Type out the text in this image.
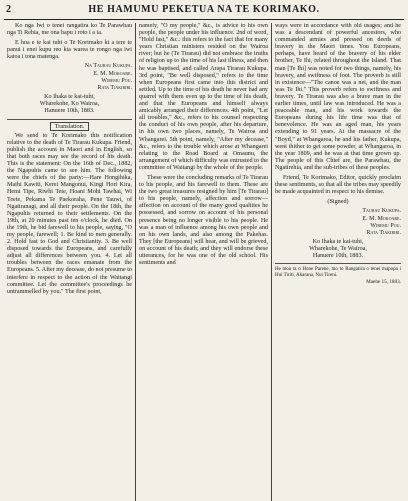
2	HE HAMUMU PEKETUA NA TE KORIMAKO.

Ko nga Iwi o tenei rangatira ko Te Parawhau nga Ti Rehia, me ona hapu i roto i a ia.

E hoa e te kai tuhi o Te Korimako ki a tere te panui i enei kupu reo kia warea te rongo nga iwi katoa i tona matenga.

Na Taurau Kukupa.
E. M. Mokoare.
Wiremu Pou.
Rata Tiakiriri.
Ko Ihaka te kai-tuhi,
Wharekohe, Ko Wairoa,
Hanuere 10th, 1883.
Translation.

We send to Te Korimako this notification relative to the death of Te Tirarau Kukupa. Friend, publish the account in Maori and in English, so that both races may see the record of his death. This is the statement: On the 16th of Dec., 1882, the Ngapuhis came to see him. The following were the chiefs of the party:—Hare Hongihika, Maihi Kawiti, Kerei Mangonui, Kingi Hori Kira, Hemi Tipe, Riwhi Tete, Hoani Mohi Tawhai, Wi Teete, Pekama Te Paekoraha, Pene Tauwi, of Ngatiranagi, and all their people. On the 18th, the Ngapuhis returned to their settlements. On the 19th, at 20 minutes past ten o'clock, he died. On the 19th, he bid farewell to his people, saying, "O my people, farewell; 1. Be kind to men generally. 2. Hold fast to God and Christianity. 3. Be well disposed towards the Europeans, and carefully adjust all differences between you. 4. Let all troubles between the races emanate from the Europeans. 5. After my decease, do not presume to interfere in respect to the action of the Waitangi committee. Let the committee's proceedings be untrammelled by you." The first point,

namely, "O my people," &c., is advice to his own people, the people under his influence. 2nd of word, "Hold fast," &c.: this refers to the fact that for many years Christian ministers resided on the Wairoa river; but he (Te Tirarau) did not embrace the truths of religion up to the time of his last illness, and then he was baptised, and called Arapa Tirarau Kukupa. 3rd point, "Be well disposed," refers to the time when Europeans first came into this district and settled. Up to the time of his death he never had any quarrel with them even up to the time of his death, and that the Europeans and himself always amicably arranged their differences. 4th point, "Let all troubles," &c., refers to his counsel respecting the conduct of his own people, after his departure, in his own two places, namely, Te Wairoa and Whangarei. 5th point, namely, "After my decease," &c., refers to the trouble which arose at Whangarei relating to the Road Board at Omaunu, the arrangement of which difficulty was entrusted to the committee of Waitangi by the whole of the people.

These were the concluding remarks of Te Tirarau to his people, and his farewell to them. These are the two great treasures resigned by him [Te Tirarau] to his people, namely, affection and sorrow—affection on account of the many good qualities he possessed, and sorrow on account of his personal presence being no longer visible to his people. He was a man of influence among his own people and on his own lands, and also among the Pakehas. They [the Europeans] will hear, and will be grieved, on account of his death; and they will endorse these utterances, for he was one of the old school. His sentiments and

ways were in accordance with old usages; and he was a descendant of powerful ancestors, who commanded armies and pressed on deeds of bravery in the Maori times. You Europeans, perhaps, have heard of the bravery of his elder brother, Te Ihi, related throughout the Island. That man [Te Ihi] was noted for two things, namely, his bravery, and swiftness of foot. The proverb is still in existence—"The canoe was a net, and the man was Te Ihi." This proverb refers to swiftness and bravery. Te Tirarau was also a brave man in the earlier times, until law was introduced. He was a peaceable man, and his work towards the Europeans during his life time was that of benevolence. He was an aged man, his years extending to 91 years. At the massacre of the "Boyd," at Whangaroa, he and his father, Kukupa, went thither to get some powder, at Whangaroa, in the year 1809, and he was at that time grown up. The people of this Chief are, the Parawhau, the Ngatirehia, and the sub-tribes of these peoples.

Friend, Te Korimako, Editor, quickly proclaim these sentiments, so that all the tribes may speedily be made acquainted in respect to his demise.

(Signed)
Taurau Kukupa.
E. M. Mokoare.
Wiremu Pou.
Rata Tiakiriri.
Ko Ihaka te kai-tuhi,
Wharekohe, Te Wairoa,
Hanuere 10th, 1883.
He moa ta o Hone Parene, mo to Rangatira o tenei mapopa i Hui Tiriti, Akarana, Nui Tireni.
Maehe 15, 1883.
